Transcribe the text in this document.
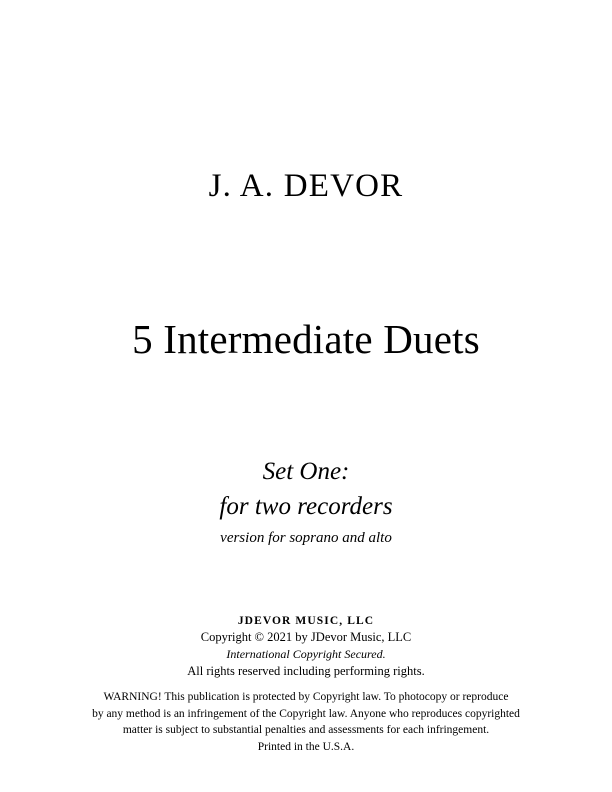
J. A. DEVOR
5 Intermediate Duets
Set One:
for two recorders
version for soprano and alto
JDEVOR MUSIC, LLC
Copyright © 2021 by JDevor Music, LLC
International Copyright Secured.
All rights reserved including performing rights.
WARNING! This publication is protected by Copyright law. To photocopy or reproduce
by any method is an infringement of the Copyright law. Anyone who reproduces copyrighted
matter is subject to substantial penalties and assessments for each infringement.
Printed in the U.S.A.
